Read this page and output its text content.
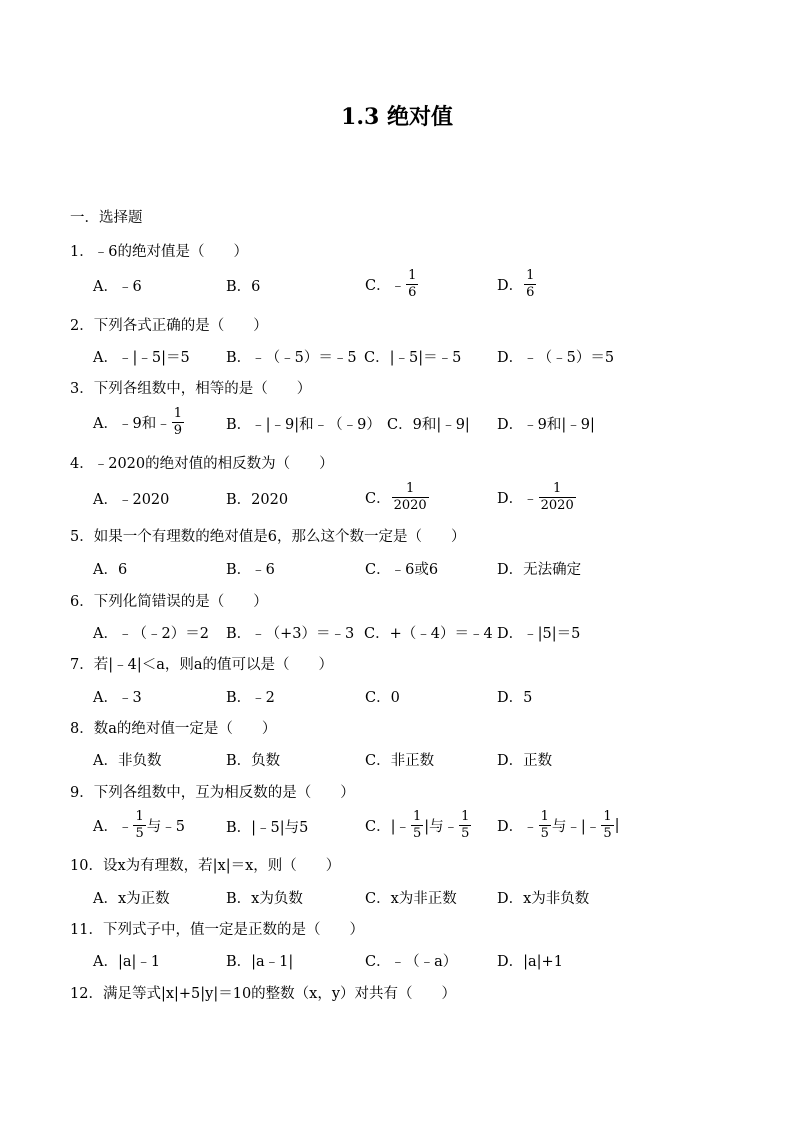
1.3 绝对值
一．选择题
1．﹣6的绝对值是（　　）
A．﹣6	B．6	C．﹣ $\frac{1}{6}$	D． $\frac{1}{6}$
2．下列各式正确的是（　　）
A．﹣|﹣5|＝5	B．﹣（﹣5）＝﹣5 C．|﹣5|＝﹣5 D．﹣（﹣5）＝5
3．下列各组数中，相等的是（　　）
A．﹣9和﹣ $\frac{1}{9}$	B．﹣|﹣9|和﹣（﹣9） C．9和|﹣9| D．﹣9和|﹣9|
4．﹣2020的绝对值的相反数为（　　）
A．﹣2020	B．2020	C． $\frac{1}{2020}$	D．﹣ $\frac{1}{2020}$
5．如果一个有理数的绝对值是6，那么这个数一定是（　　）
A．6	B．﹣6	C．﹣6或6	D．无法确定
6．下列化简错误的是（　　）
A．﹣（﹣2）＝2 B．﹣（+3）＝﹣3 C．+（﹣4）＝﹣4 D．﹣|5|＝5
7．若|﹣4|＜a，则a的值可以是（　　）
A．﹣3	B．﹣2	C．0	D．5
8．数a的绝对值一定是（　　）
A．非负数	B．负数	C．非正数	D．正数
9．下列各组数中，互为相反数的是（　　）
A．﹣ $\frac{1}{5}$ 与﹣5	B．|﹣5|与5	C．|﹣ $\frac{1}{5}$ |与﹣ $\frac{1}{5}$ D．﹣ $\frac{1}{5}$ 与﹣|﹣ $\frac{1}{5}$ |
10．设x为有理数，若|x|＝x，则（　　）
A．x为正数	B．x为负数	C．x为非正数	D．x为非负数
11．下列式子中，值一定是正数的是（　　）
A．|a|﹣1	B．|a﹣1|	C．﹣（﹣a）	D．|a|+1
12．满足等式|x|+5|y|＝10的整数（x，y）对共有（　　）
